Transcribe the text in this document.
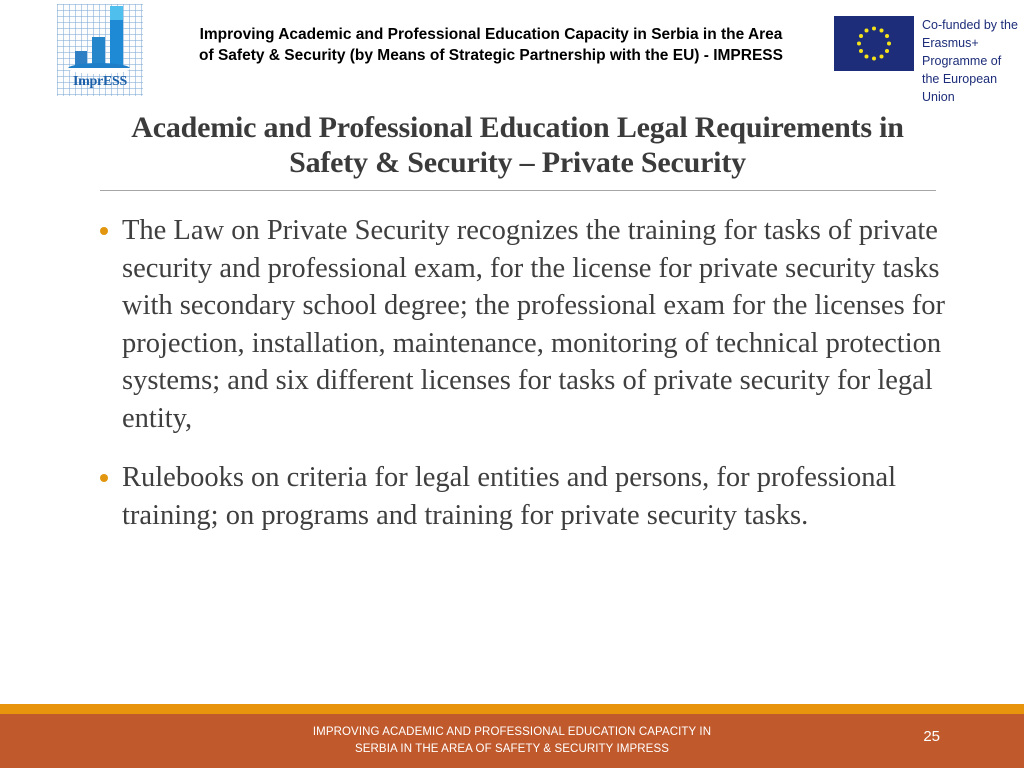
ImprESS
Improving Academic and Professional Education Capacity in Serbia in the Area of Safety & Security (by Means of Strategic Partnership with the EU) - IMPRESS
Co-funded by the Erasmus+ Programme of the European Union
Academic and Professional Education Legal Requirements in Safety & Security – Private Security
The Law on Private Security recognizes the training for tasks of private security and professional exam, for the license for private security tasks with secondary school degree; the professional exam for the licenses for projection, installation, maintenance, monitoring of technical protection systems; and six different licenses for tasks of private security for legal entity,
Rulebooks on criteria for legal entities and persons, for professional training; on programs and training for private security tasks.
IMPROVING ACADEMIC AND PROFESSIONAL EDUCATION CAPACITY IN
SERBIA IN THE AREA OF SAFETY & SECURITY IMPRESS
25
